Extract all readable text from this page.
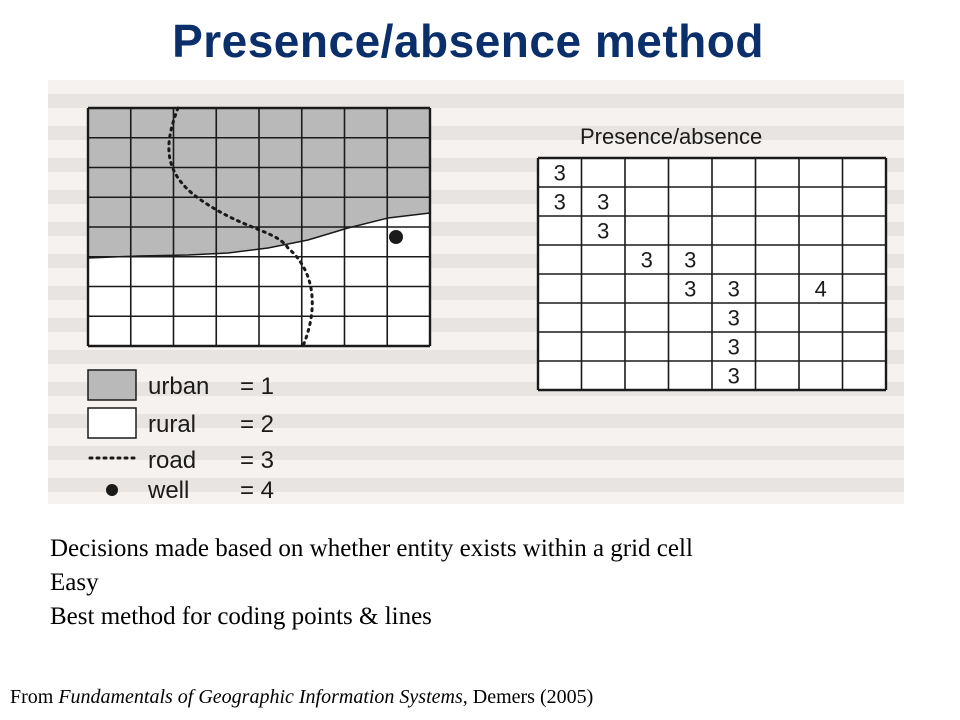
Presence/absence method
urban = 1
rural = 2
road = 3
well = 4
Presence/absence
3
3 3
3
3 3
3 3	4
3
3
3
Decisions made based on whether entity exists within a grid cell
Easy
Best method for coding points & lines
From Fundamentals of Geographic Information Systems, Demers (2005)
